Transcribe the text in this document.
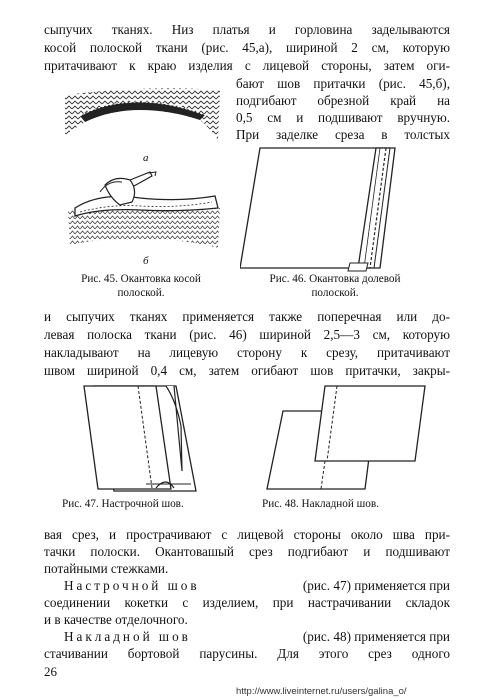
сыпучих тканях. Низ платья и горловина заделываются
косой полоской ткани (рис. 45,а), шириной 2 см, которую
притачивают к краю изделия с лицевой стороны, затем оги-
бают шов притачки (рис. 45,б),
подгибают обрезной край на
0,5 см и подшивают вручную.
При заделке среза в толстых
а
б
Рис. 45. Окантовка косой
полоской.
Рис. 46. Окантовка долевой
полоской.
и сыпучих тканях применяется также поперечная или до-
левая полоска ткани (рис. 46) шириной 2,5—3 см, которую
накладывают на лицевую сторону к срезу, притачивают
швом шириной 0,4 см, затем огибают шов притачки, закры-
Рис. 47. Настрочной шов.	Рис. 48. Накладной шов.
вая срез, и прострачивают с лицевой стороны около шва при-
тачки полоски. Окантовашый срез подгибают и подшивают
потайными стежками.
Настрочной шов	(рис. 47) применяется при
соединении кокетки с изделием, при настрачивании складок
и в качестве отделочного.
Накладной шов	(рис. 48) применяется при
стачивании бортовой парусины. Для этого срез одного
26
http://www.liveinternet.ru/users/galina_o/
